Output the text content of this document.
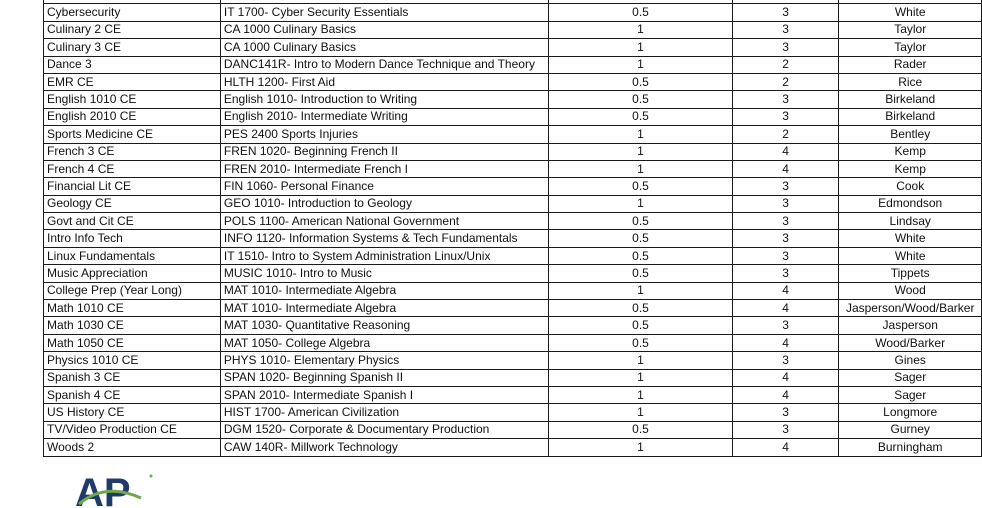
Cybersecurity	IT 1700- Cyber Security Essentials	0.5	3	White
Culinary 2 CE	CA 1000 Culinary Basics	1	3	Taylor
Culinary 3 CE	CA 1000 Culinary Basics	1	3	Taylor
Dance 3	DANC141R- Intro to Modern Dance Technique and Theory	1	2	Rader
EMR CE	HLTH 1200- First Aid	0.5	2	Rice
English 1010 CE	English 1010- Introduction to Writing	0.5	3	Birkeland
English 2010 CE	English 2010- Intermediate Writing	0.5	3	Birkeland
Sports Medicine CE	PES 2400 Sports Injuries	1	2	Bentley
French 3 CE	FREN 1020- Beginning French II	1	4	Kemp
French 4 CE	FREN 2010- Intermediate French I	1	4	Kemp
Financial Lit CE	FIN 1060- Personal Finance	0.5	3	Cook
Geology CE	GEO 1010- Introduction to Geology	1	3	Edmondson
Govt and Cit CE	POLS 1100- American National Government	0.5	3	Lindsay
Intro Info Tech	INFO 1120- Information Systems & Tech Fundamentals	0.5	3	White
Linux Fundamentals	IT 1510- Intro to System Administration Linux/Unix	0.5	3	White
Music Appreciation	MUSIC 1010- Intro to Music	0.5	3	Tippets
College Prep (Year Long)	MAT 1010- Intermediate Algebra	1	4	Wood
Math 1010 CE	MAT 1010- Intermediate Algebra	0.5	4	Jasperson/Wood/Barker
Math 1030 CE	MAT 1030- Quantitative Reasoning	0.5	3	Jasperson
Math 1050 CE	MAT 1050- College Algebra	0.5	4	Wood/Barker
Physics 1010 CE	PHYS 1010- Elementary Physics	1	3	Gines
Spanish 3 CE	SPAN 1020- Beginning Spanish II	1	4	Sager
Spanish 4 CE	SPAN 2010- Intermediate Spanish I	1	4	Sager
US History CE	HIST 1700- American Civilization	1	3	Longmore
TV/Video Production CE	DGM 1520- Corporate & Documentary Production	0.5	3	Gurney
Woods 2	CAW 140R- Millwork Technology	1	4	Burningham
AP
